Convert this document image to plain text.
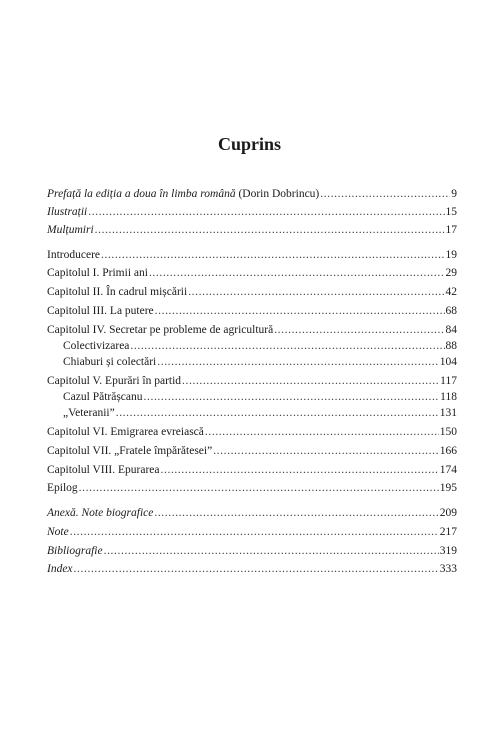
Cuprins
Prefață la ediția a doua în limba română (Dorin Dobrincu) .....	9
Ilustrații .....	15
Mulțumiri .....	17
Introducere .....	19
Capitolul I. Primii ani .....	29
Capitolul II. În cadrul mișcării .....	42
Capitolul III. La putere .....	68
Capitolul IV. Secretar pe probleme de agricultură .....	84
Colectivizarea .....	88
Chiaburi și colectări .....	104
Capitolul V. Epurări în partid .....	117
Cazul Pătrășcanu .....	118
„Veteranii” .....	131
Capitolul VI. Emigrarea evreiască .....	150
Capitolul VII. „Fratele împărătesei” .....	166
Capitolul VIII. Epurarea .....	174
Epilog .....	195
Anexă. Note biografice .....	209
Note .....	217
Bibliografie .....	319
Index .....	333
